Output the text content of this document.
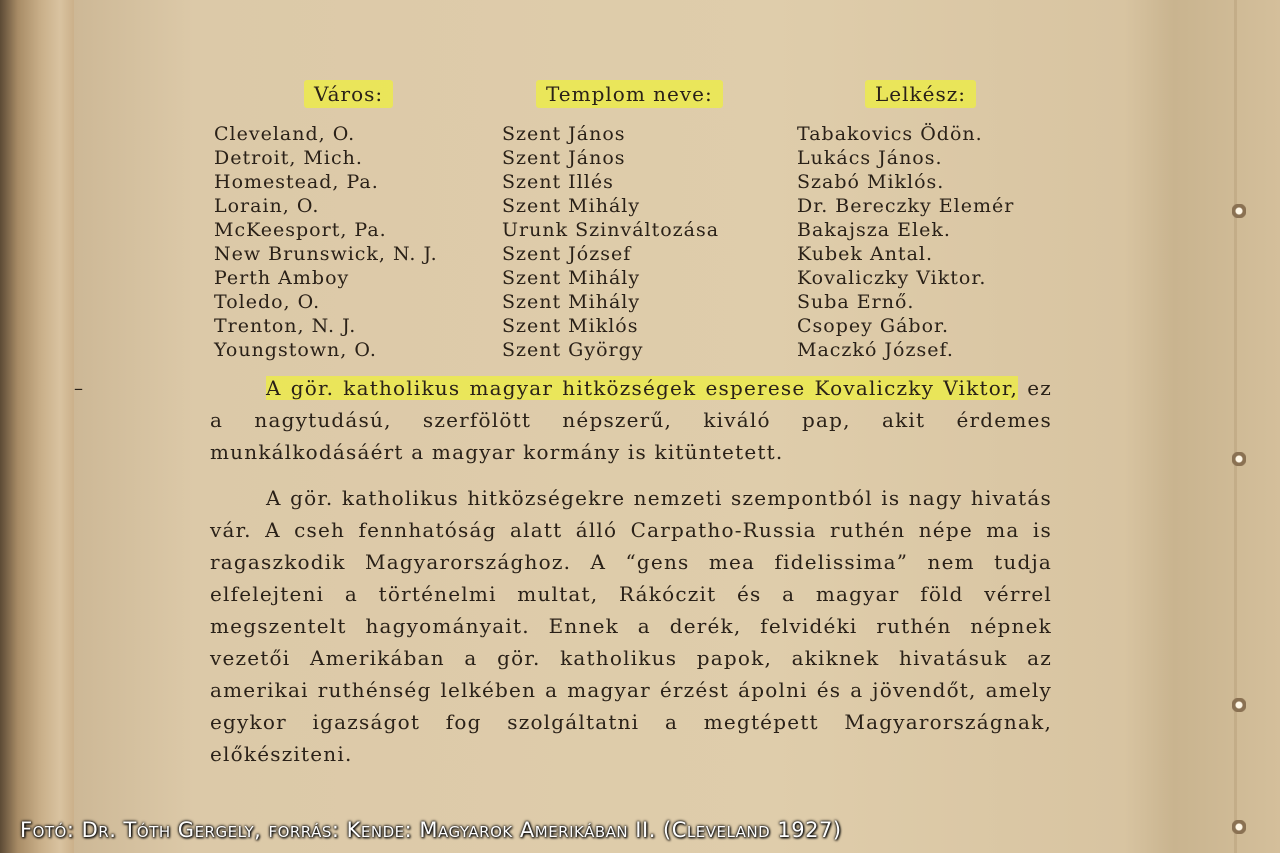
Város:
Cleveland, O.
Detroit, Mich.
Homestead, Pa.
Lorain, O.
McKeesport, Pa.
New Brunswick, N. J.
Perth Amboy
Toledo, O.
Trenton, N. J.
Youngstown, O.
Templom neve:
Szent János
Szent János
Szent Illés
Szent Mihály
Urunk Szinváltozása
Szent József
Szent Mihály
Szent Mihály
Szent Miklós
Szent György
Lelkész:
Tabakovics Ödön.
Lukács János.
Szabó Miklós.
Dr. Bereczky Elemér
Bakajsza Elek.
Kubek Antal.
Kovaliczky Viktor.
Suba Ernő.
Csopey Gábor.
Maczkó József.
A gör. katholikus magyar hitközségek esperese Kovaliczky Viktor, ez a nagytudású, szerfölött népszerű, kiváló pap, akit érdemes munkálkodásáért a magyar kormány is kitüntetett.
A gör. katholikus hitközségekre nemzeti szempontból is nagy hivatás vár. A cseh fennhatóság alatt álló Carpatho-Russia ruthén népe ma is ragaszkodik Magyarországhoz. A “gens mea fidelissima” nem tudja elfelejteni a történelmi multat, Rákóczit és a magyar föld vérrel megszentelt hagyományait. Ennek a derék, felvidéki ruthén népnek vezetői Amerikában a gör. katholikus papok, akiknek hivatásuk az amerikai ruthénség lelkében a magyar érzést ápolni és a jövendőt, amely egykor igazságot fog szolgáltatni a megtépett Magyarországnak, előkésziteni.
–
Fotó: Dr. Tóth Gergely, forrás: Kende: Magyarok Amerikában II. (Cleveland 1927)
